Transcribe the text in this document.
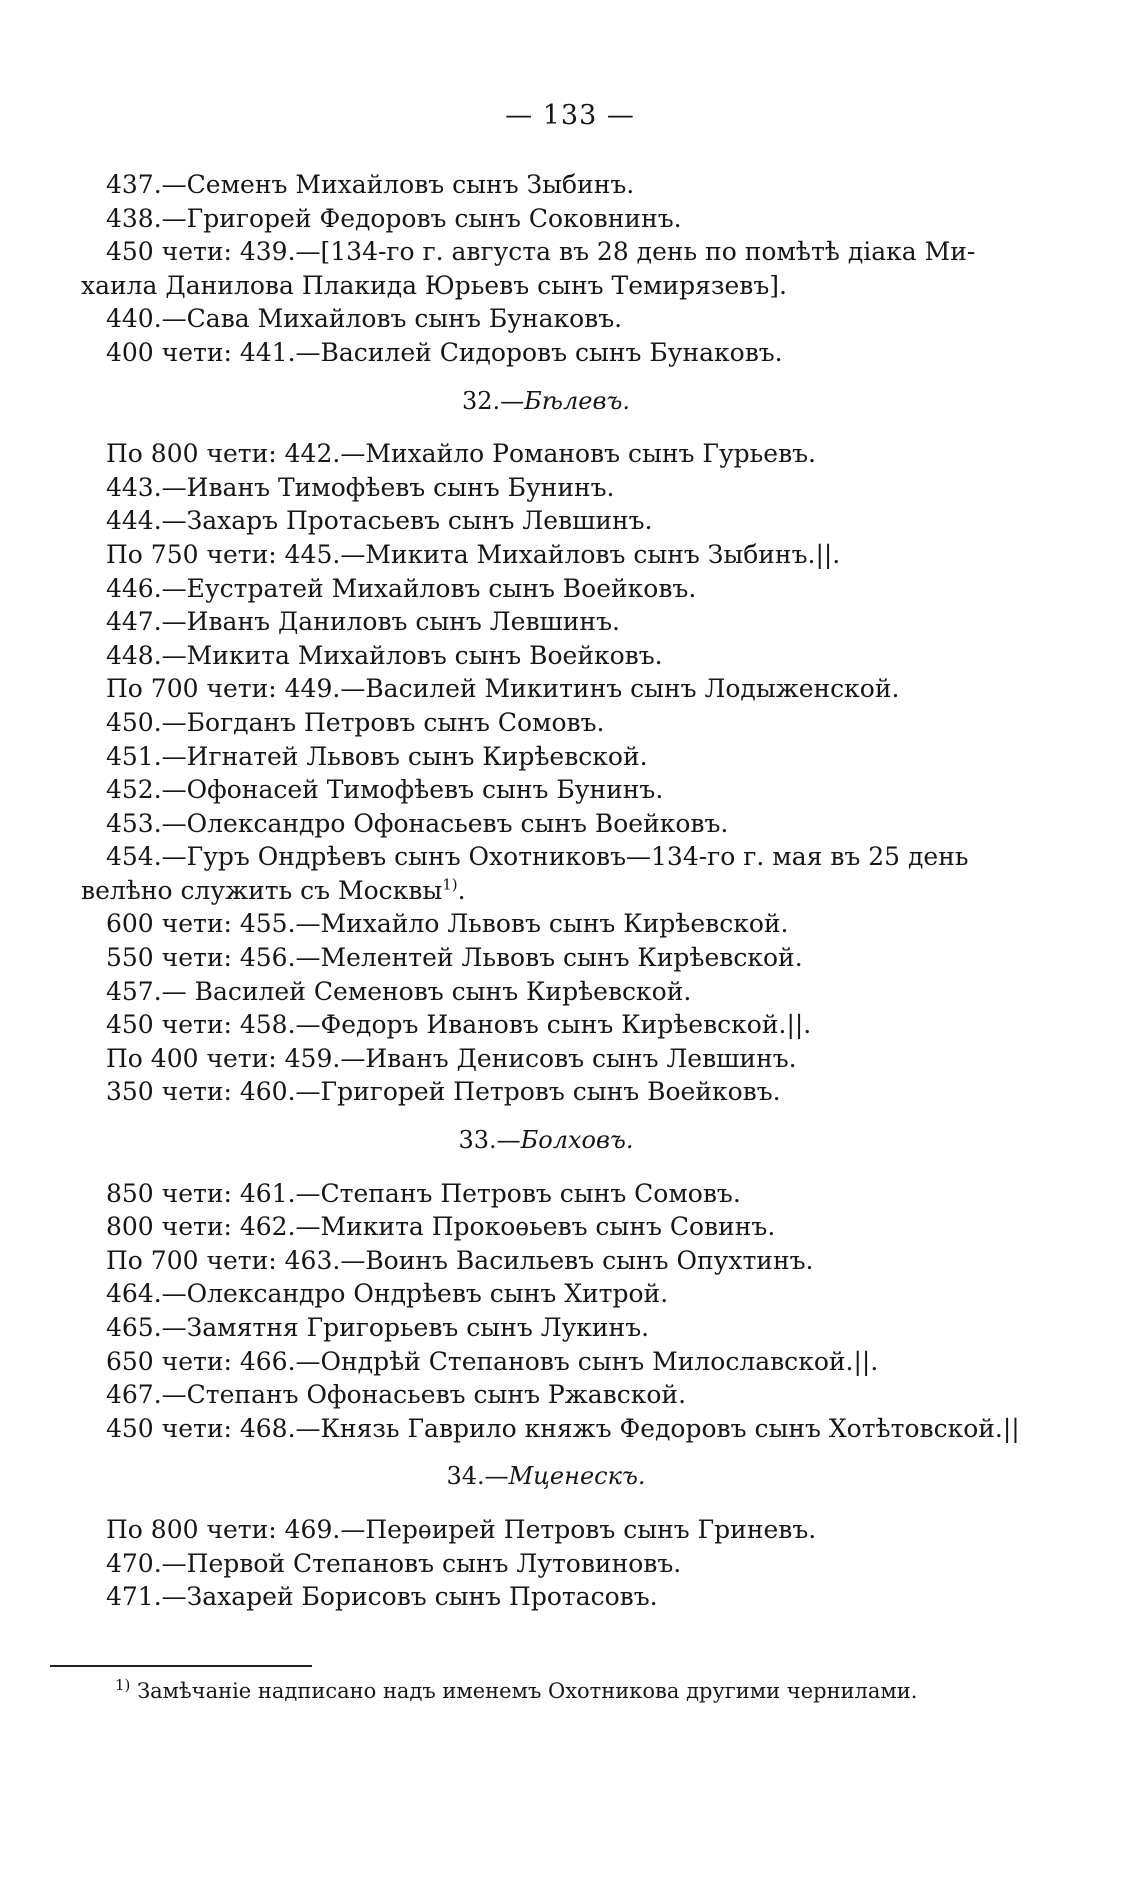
— 133 —
437.—Семенъ Михайловъ сынъ Зыбинъ.
438.—Григорей Федоровъ сынъ Соковнинъ.
450 чети: 439.—[134-го г. августа въ 28 день по помѣтѣ дiака Ми-
хаила Данилова Плакида Юрьевъ сынъ Темирязевъ].
440.—Сава Михайловъ сынъ Бунаковъ.
400 чети: 441.—Василей Сидоровъ сынъ Бунаковъ.
32.—Бѣлевъ.
По 800 чети: 442.—Михайло Романовъ сынъ Гурьевъ.
443.—Иванъ Тимофѣевъ сынъ Бунинъ.
444.—Захаръ Протасьевъ сынъ Левшинъ.
По 750 чети: 445.—Микита Михайловъ сынъ Зыбинъ.||.
446.—Еустратей Михайловъ сынъ Воейковъ.
447.—Иванъ Даниловъ сынъ Левшинъ.
448.—Микита Михайловъ сынъ Воейковъ.
По 700 чети: 449.—Василей Микитинъ сынъ Лодыженской.
450.—Богданъ Петровъ сынъ Сомовъ.
451.—Игнатей Львовъ сынъ Кирѣевской.
452.—Офонасей Тимофѣевъ сынъ Бунинъ.
453.—Олександро Офонасьевъ сынъ Воейковъ.
454.—Гуръ Ондрѣевъ сынъ Охотниковъ—134-го г. мая въ 25 день
велѣно служить съ Москвы$^{1)}$.
600 чети: 455.—Михайло Львовъ сынъ Кирѣевской.
550 чети: 456.—Мелентей Львовъ сынъ Кирѣевской.
457.— Василей Семеновъ сынъ Кирѣевской.
450 чети: 458.—Федоръ Ивановъ сынъ Кирѣевской.||.
По 400 чети: 459.—Иванъ Денисовъ сынъ Левшинъ.
350 чети: 460.—Григорей Петровъ сынъ Воейковъ.
33.—Болховъ.
850 чети: 461.—Степанъ Петровъ сынъ Сомовъ.
800 чети: 462.—Микита Прокоѳьевъ сынъ Совинъ.
По 700 чети: 463.—Воинъ Васильевъ сынъ Опухтинъ.
464.—Олександро Ондрѣевъ сынъ Хитрой.
465.—Замятня Григорьевъ сынъ Лукинъ.
650 чети: 466.—Ондрѣй Степановъ сынъ Милославской.||.
467.—Степанъ Офонасьевъ сынъ Ржавской.
450 чети: 468.—Князь Гаврило княжъ Федоровъ сынъ Хотѣтовской.||
34.—Мценескъ.
По 800 чети: 469.—Перѳирей Петровъ сынъ Гриневъ.
470.—Первой Степановъ сынъ Лутовиновъ.
471.—Захарей Борисовъ сынъ Протасовъ.
$^{1)}$ Замѣчанiе надписано надъ именемъ Охотникова другими чернилами.
